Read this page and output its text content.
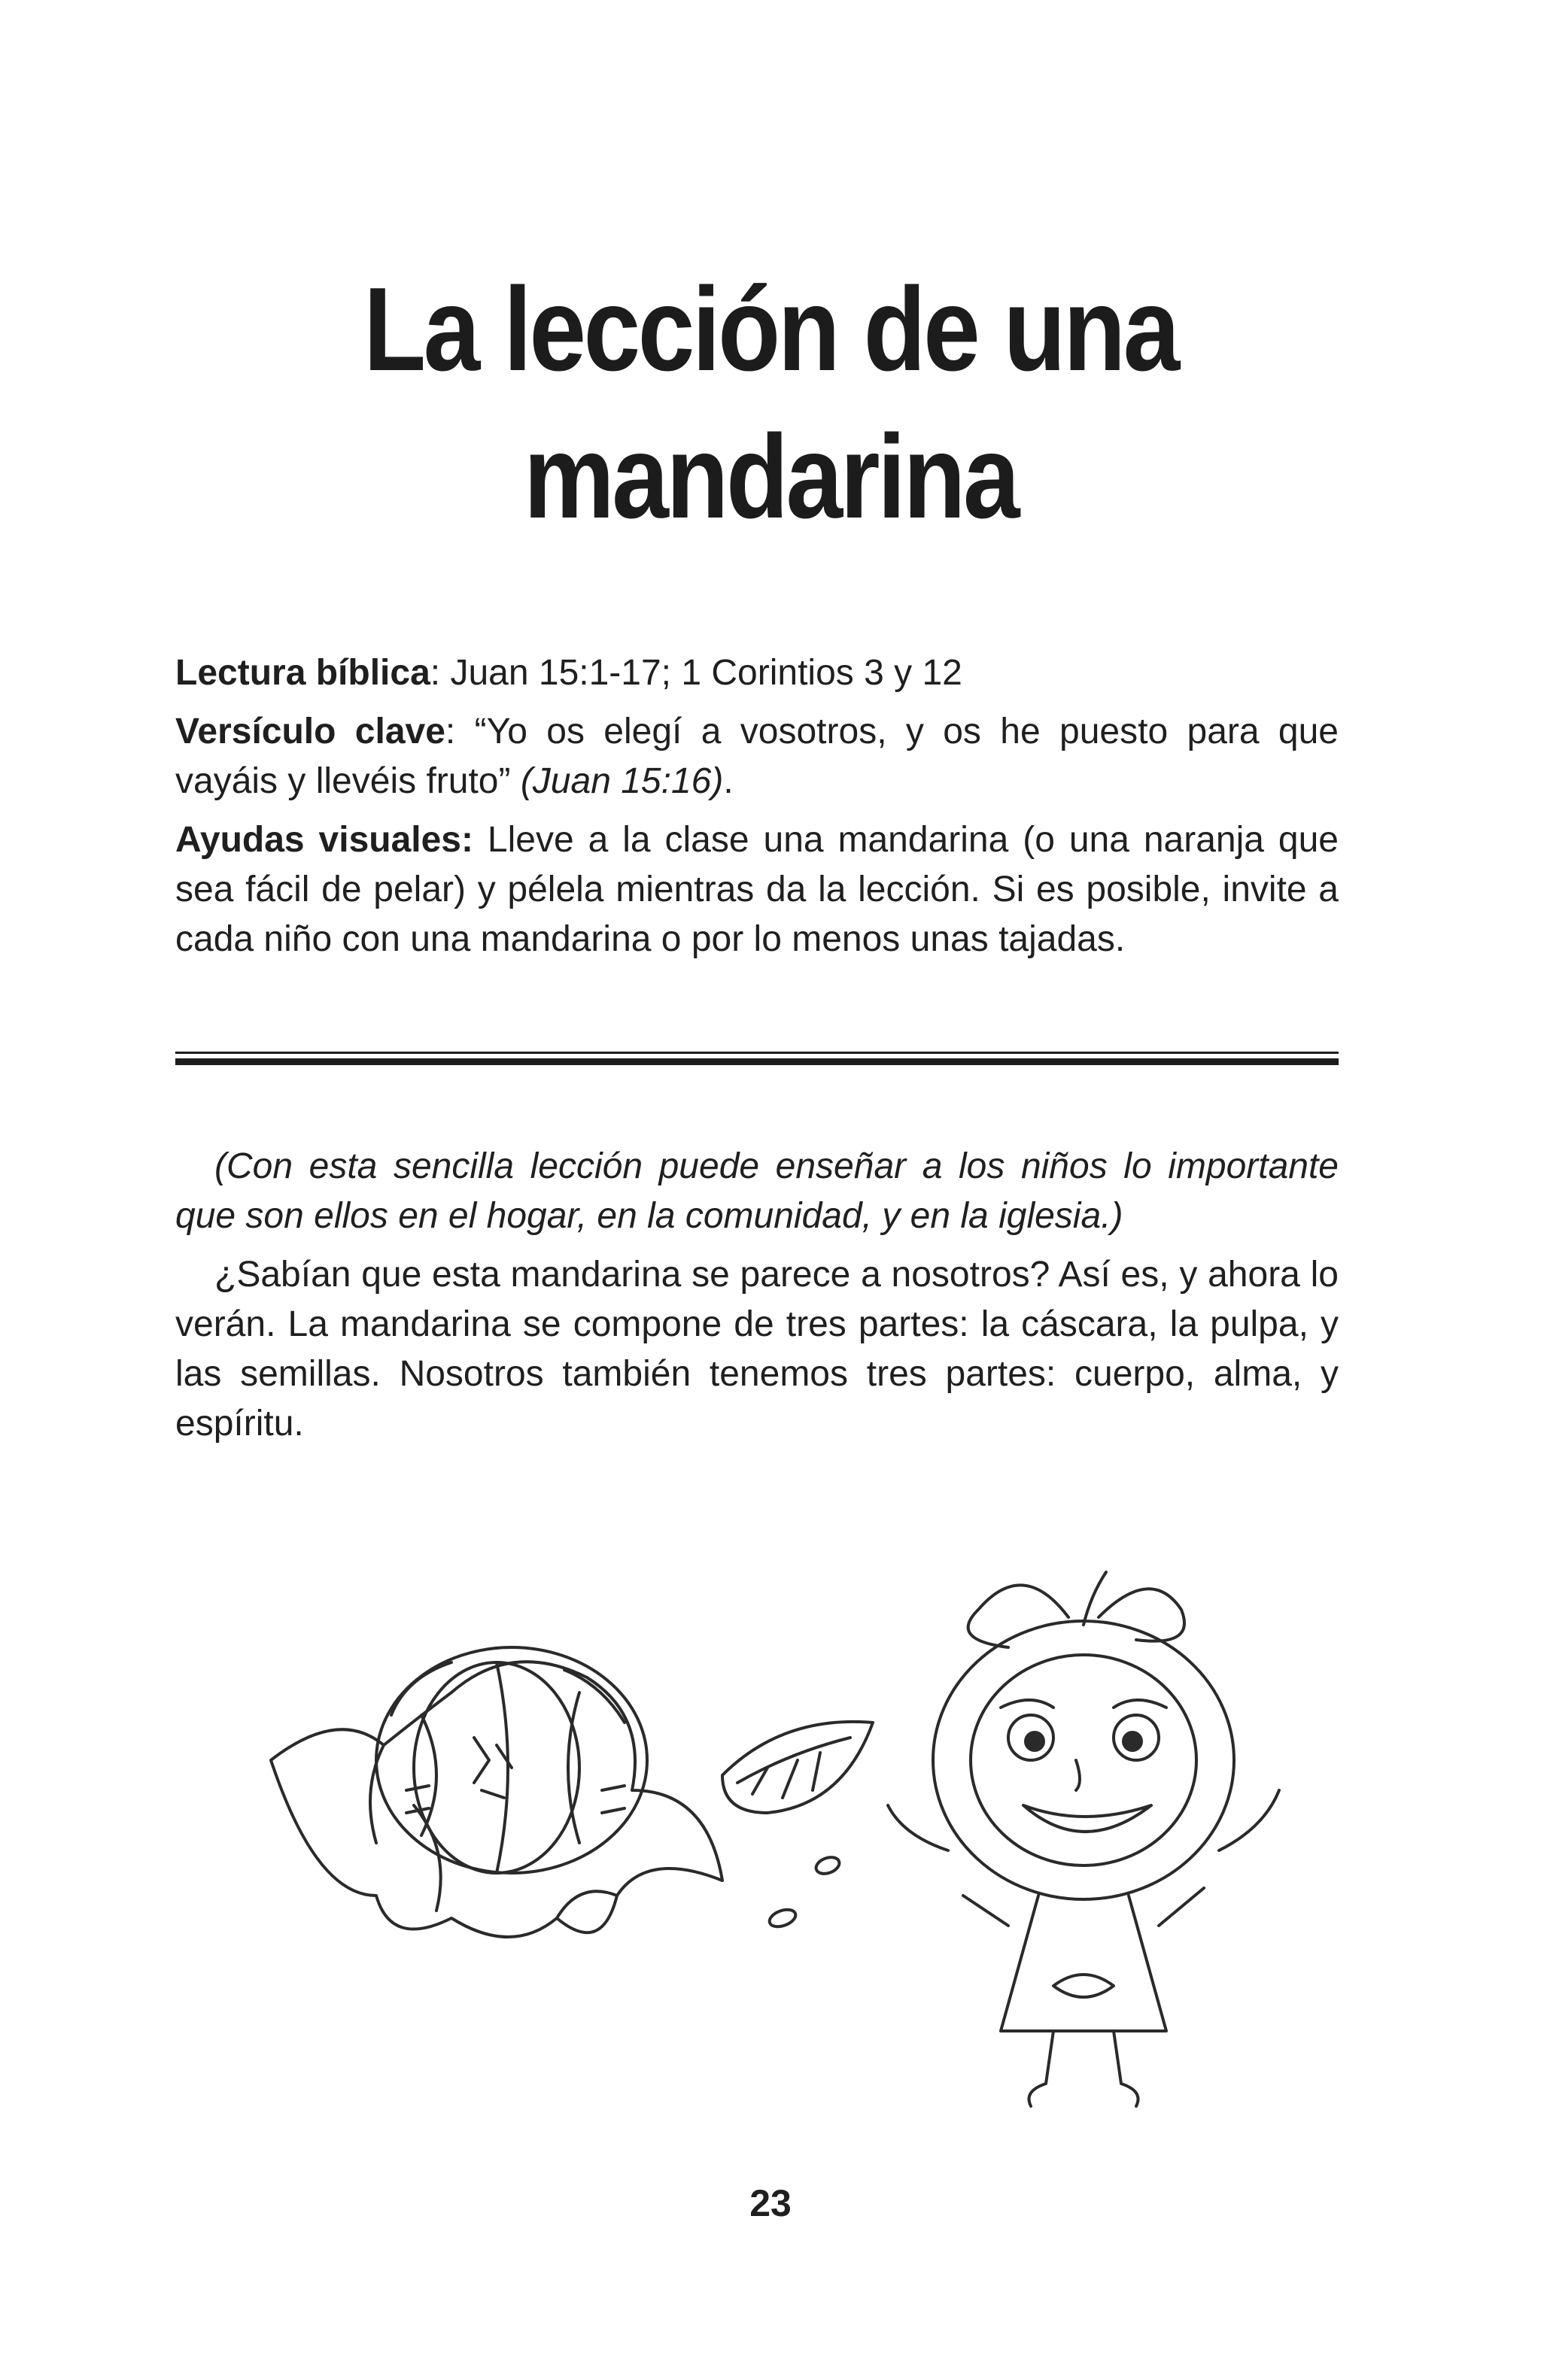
La lección de una
mandarina

Lectura bíblica: Juan 15:1-17; 1 Corintios 3 y 12

Versículo clave: “Yo os elegí a vosotros, y os he puesto para que vayáis y llevéis fruto” (Juan 15:16).

Ayudas visuales: Lleve a la clase una mandarina (o una naranja que sea fácil de pelar) y pélela mientras da la lección. Si es posible, invite a cada niño con una mandarina o por lo menos unas tajadas.

(Con esta sencilla lección puede enseñar a los niños lo importante que son ellos en el hogar, en la comunidad, y en la iglesia.)

¿Sabían que esta mandarina se parece a nosotros? Así es, y ahora lo verán. La mandarina se compone de tres partes: la cáscara, la pulpa, y las semillas. Nosotros también tenemos tres partes: cuerpo, alma, y espíritu.

23
